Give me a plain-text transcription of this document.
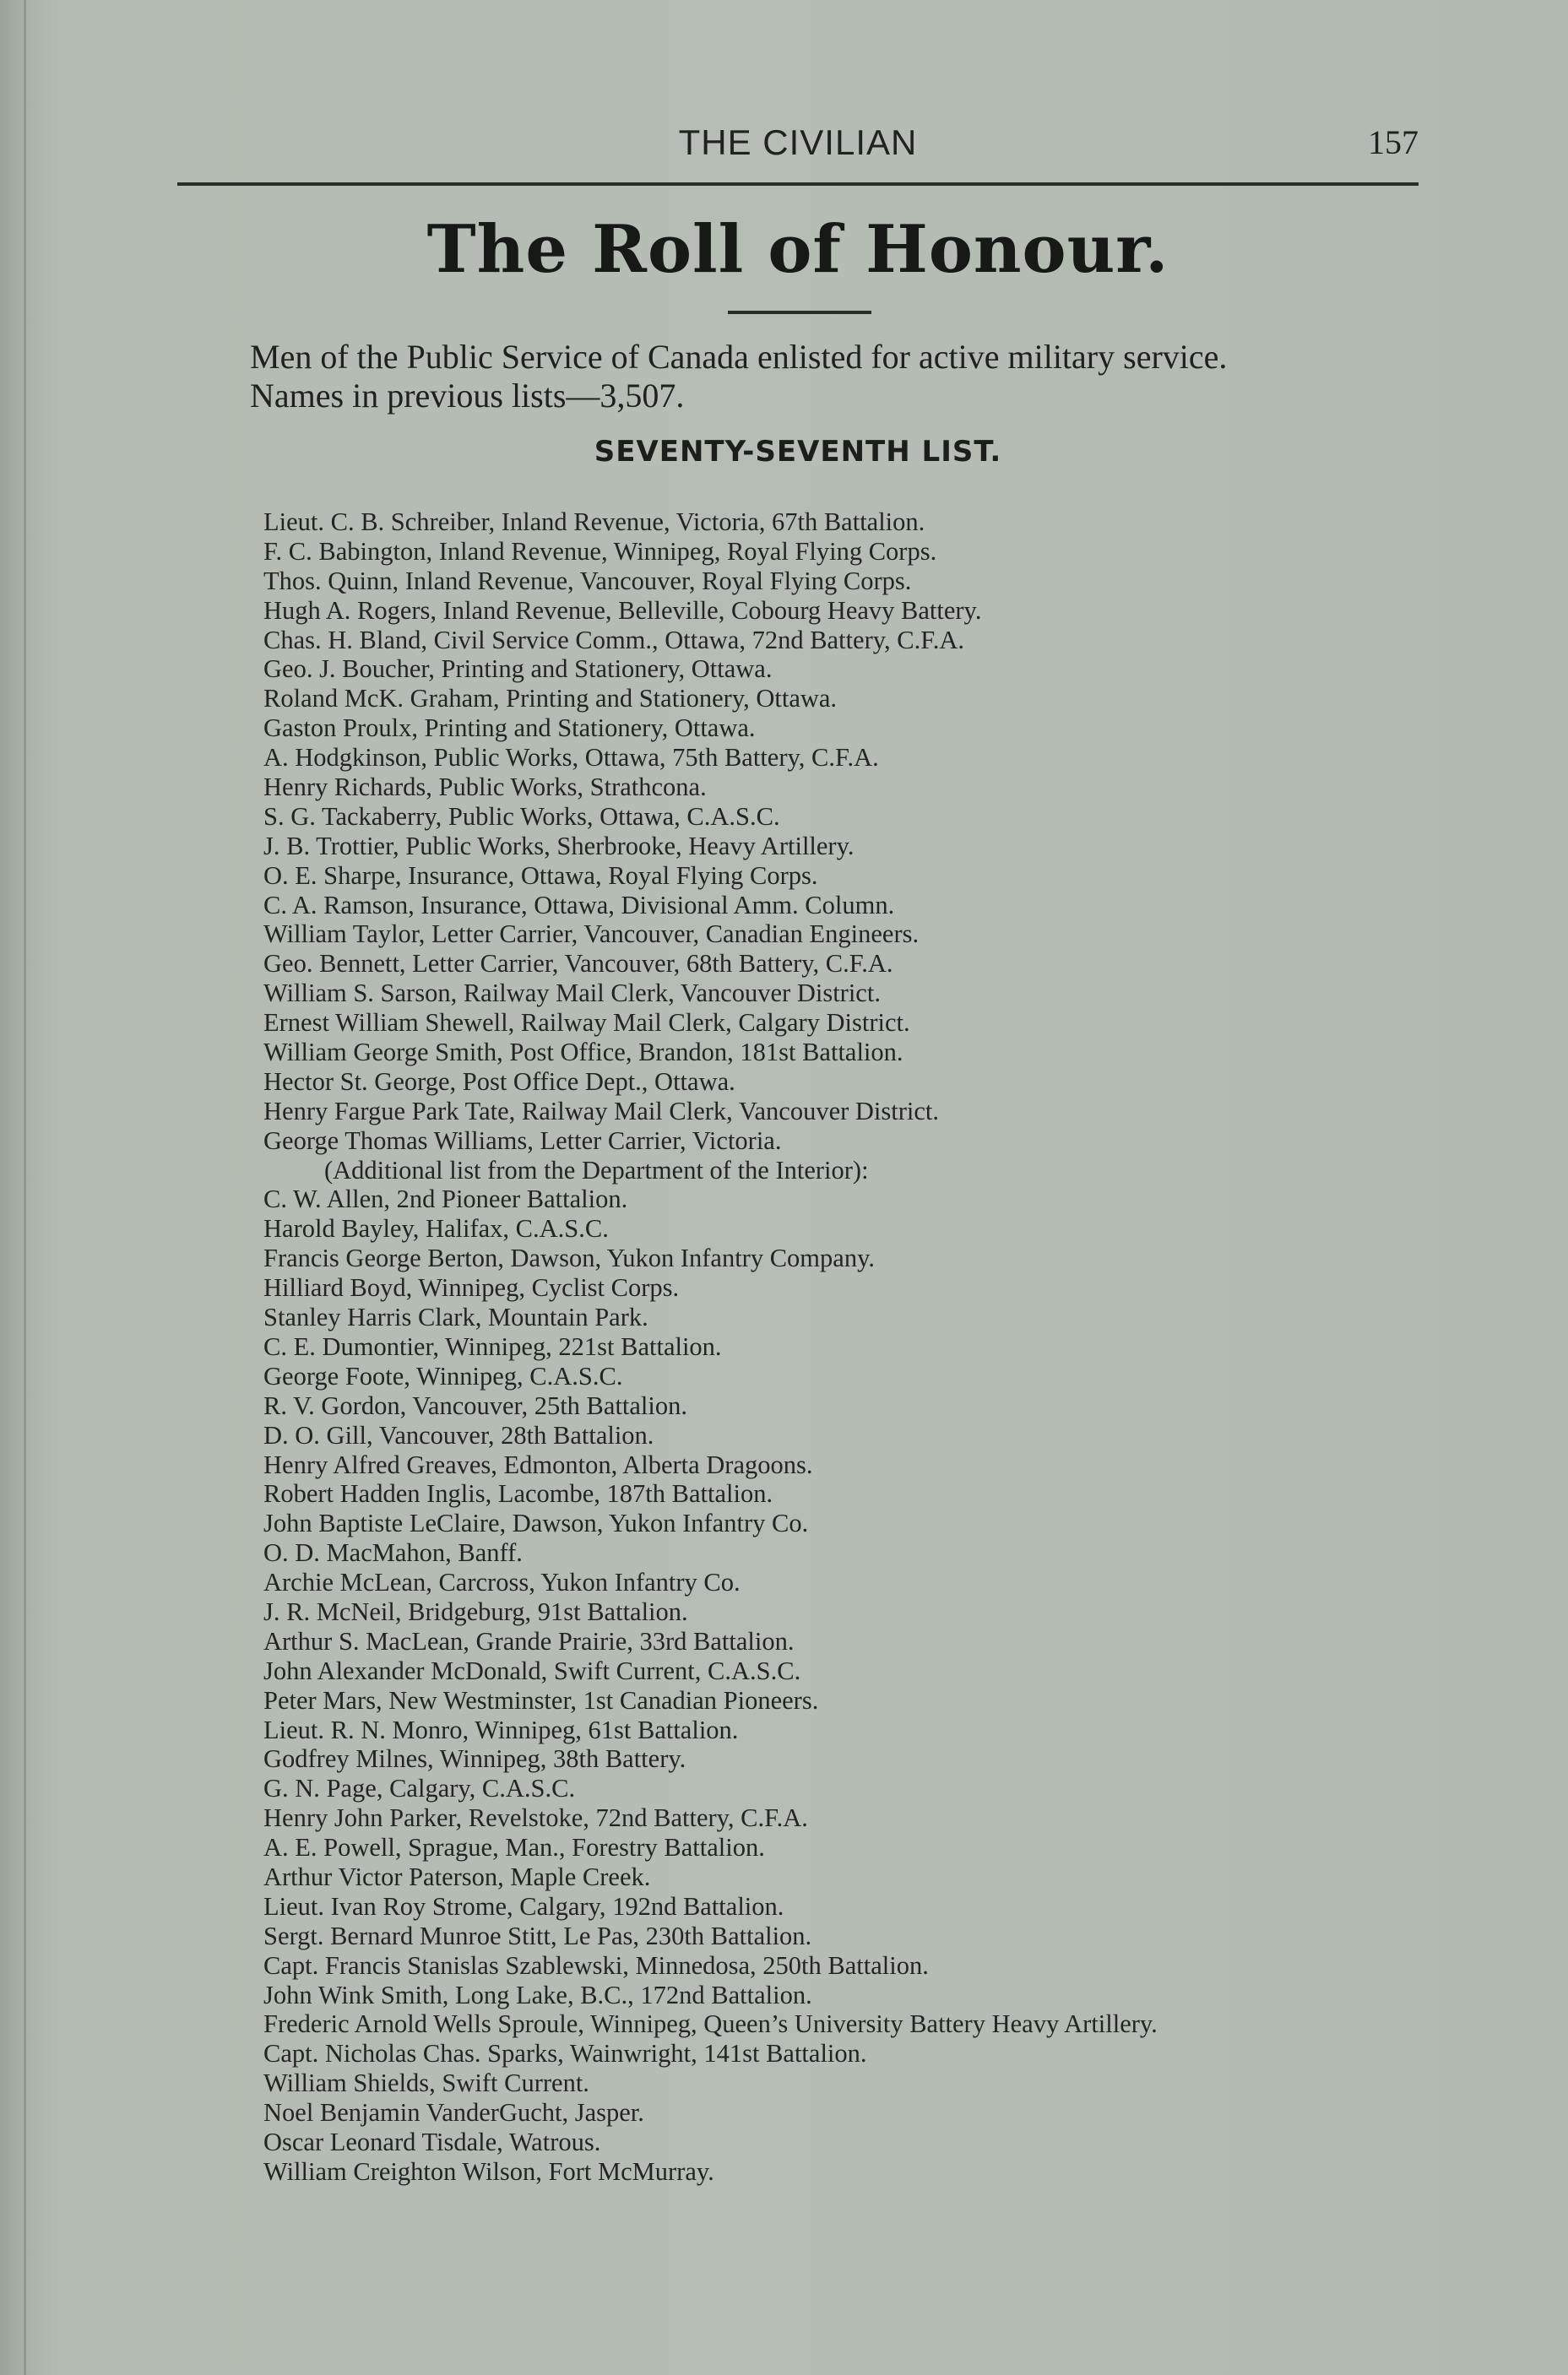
THE CIVILIAN	157
The Roll of Honour.
Men of the Public Service of Canada enlisted for active military service.
Names in previous lists—3,507.
SEVENTY-SEVENTH LIST.
Lieut. C. B. Schreiber, Inland Revenue, Victoria, 67th Battalion.
F. C. Babington, Inland Revenue, Winnipeg, Royal Flying Corps.
Thos. Quinn, Inland Revenue, Vancouver, Royal Flying Corps.
Hugh A. Rogers, Inland Revenue, Belleville, Cobourg Heavy Battery.
Chas. H. Bland, Civil Service Comm., Ottawa, 72nd Battery, C.F.A.
Geo. J. Boucher, Printing and Stationery, Ottawa.
Roland McK. Graham, Printing and Stationery, Ottawa.
Gaston Proulx, Printing and Stationery, Ottawa.
A. Hodgkinson, Public Works, Ottawa, 75th Battery, C.F.A.
Henry Richards, Public Works, Strathcona.
S. G. Tackaberry, Public Works, Ottawa, C.A.S.C.
J. B. Trottier, Public Works, Sherbrooke, Heavy Artillery.
O. E. Sharpe, Insurance, Ottawa, Royal Flying Corps.
C. A. Ramson, Insurance, Ottawa, Divisional Amm. Column.
William Taylor, Letter Carrier, Vancouver, Canadian Engineers.
Geo. Bennett, Letter Carrier, Vancouver, 68th Battery, C.F.A.
William S. Sarson, Railway Mail Clerk, Vancouver District.
Ernest William Shewell, Railway Mail Clerk, Calgary District.
William George Smith, Post Office, Brandon, 181st Battalion.
Hector St. George, Post Office Dept., Ottawa.
Henry Fargue Park Tate, Railway Mail Clerk, Vancouver District.
George Thomas Williams, Letter Carrier, Victoria.
(Additional list from the Department of the Interior):
C. W. Allen, 2nd Pioneer Battalion.
Harold Bayley, Halifax, C.A.S.C.
Francis George Berton, Dawson, Yukon Infantry Company.
Hilliard Boyd, Winnipeg, Cyclist Corps.
Stanley Harris Clark, Mountain Park.
C. E. Dumontier, Winnipeg, 221st Battalion.
George Foote, Winnipeg, C.A.S.C.
R. V. Gordon, Vancouver, 25th Battalion.
D. O. Gill, Vancouver, 28th Battalion.
Henry Alfred Greaves, Edmonton, Alberta Dragoons.
Robert Hadden Inglis, Lacombe, 187th Battalion.
John Baptiste LeClaire, Dawson, Yukon Infantry Co.
O. D. MacMahon, Banff.
Archie McLean, Carcross, Yukon Infantry Co.
J. R. McNeil, Bridgeburg, 91st Battalion.
Arthur S. MacLean, Grande Prairie, 33rd Battalion.
John Alexander McDonald, Swift Current, C.A.S.C.
Peter Mars, New Westminster, 1st Canadian Pioneers.
Lieut. R. N. Monro, Winnipeg, 61st Battalion.
Godfrey Milnes, Winnipeg, 38th Battery.
G. N. Page, Calgary, C.A.S.C.
Henry John Parker, Revelstoke, 72nd Battery, C.F.A.
A. E. Powell, Sprague, Man., Forestry Battalion.
Arthur Victor Paterson, Maple Creek.
Lieut. Ivan Roy Strome, Calgary, 192nd Battalion.
Sergt. Bernard Munroe Stitt, Le Pas, 230th Battalion.
Capt. Francis Stanislas Szablewski, Minnedosa, 250th Battalion.
John Wink Smith, Long Lake, B.C., 172nd Battalion.
Frederic Arnold Wells Sproule, Winnipeg, Queen’s University Battery Heavy Artillery.
Capt. Nicholas Chas. Sparks, Wainwright, 141st Battalion.
William Shields, Swift Current.
Noel Benjamin VanderGucht, Jasper.
Oscar Leonard Tisdale, Watrous.
William Creighton Wilson, Fort McMurray.
